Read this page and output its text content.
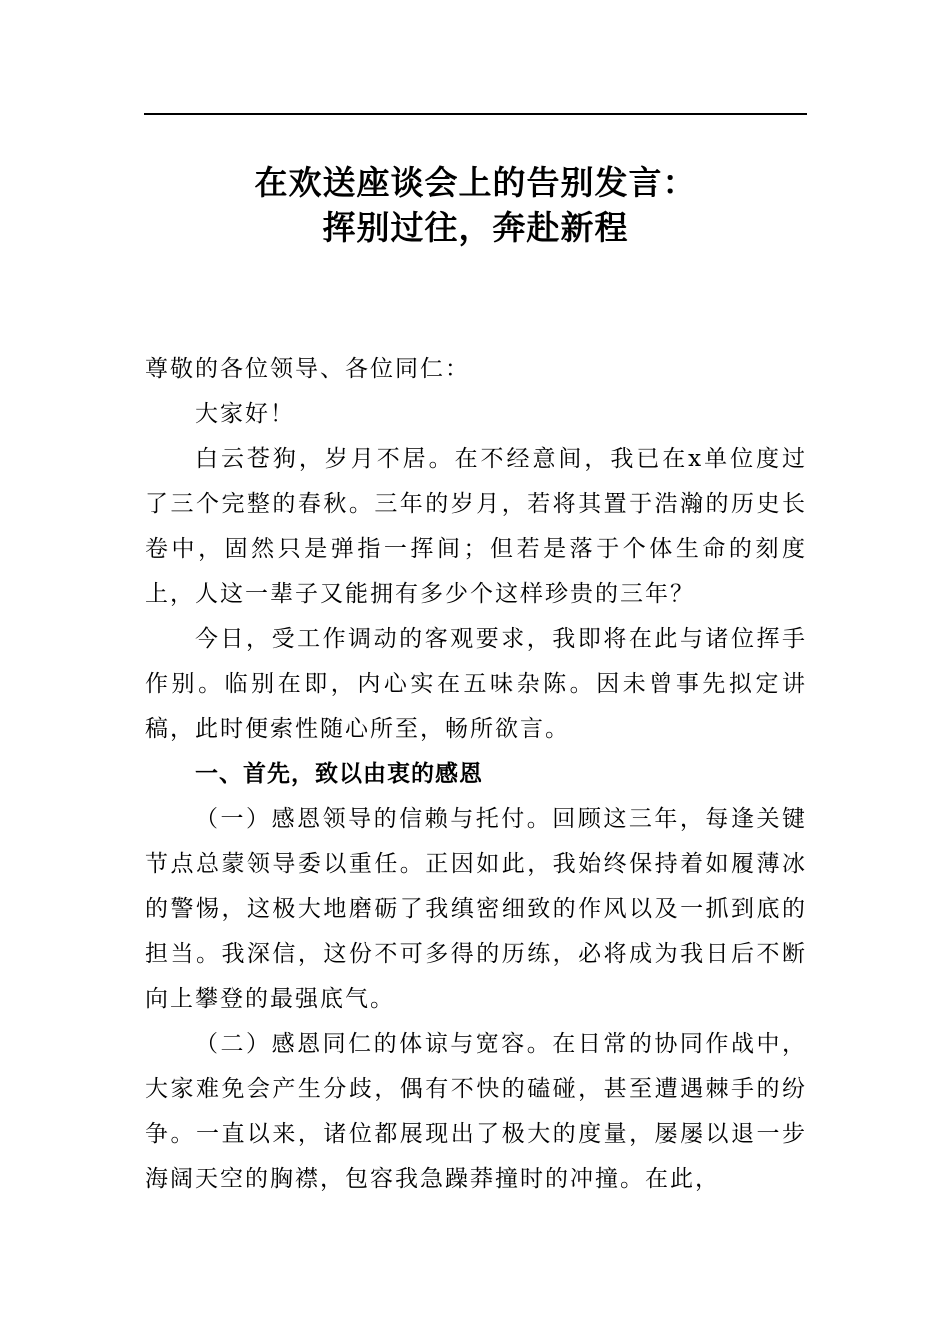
在欢送座谈会上的告别发言：
挥别过往，奔赴新程

尊敬的各位领导、各位同仁：

大家好！

白云苍狗，岁月不居。在不经意间，我已在x单位度过了三个完整的春秋。三年的岁月，若将其置于浩瀚的历史长卷中，固然只是弹指一挥间；但若是落于个体生命的刻度上，人这一辈子又能拥有多少个这样珍贵的三年？

今日，受工作调动的客观要求，我即将在此与诸位挥手作别。临别在即，内心实在五味杂陈。因未曾事先拟定讲稿，此时便索性随心所至，畅所欲言。

一、首先，致以由衷的感恩

（一）感恩领导的信赖与托付。回顾这三年，每逢关键节点总蒙领导委以重任。正因如此，我始终保持着如履薄冰的警惕，这极大地磨砺了我缜密细致的作风以及一抓到底的担当。我深信，这份不可多得的历练，必将成为我日后不断向上攀登的最强底气。

（二）感恩同仁的体谅与宽容。在日常的协同作战中，大家难免会产生分歧，偶有不快的磕碰，甚至遭遇棘手的纷争。一直以来，诸位都展现出了极大的度量，屡屡以退一步海阔天空的胸襟，包容我急躁莽撞时的冲撞。在此，
